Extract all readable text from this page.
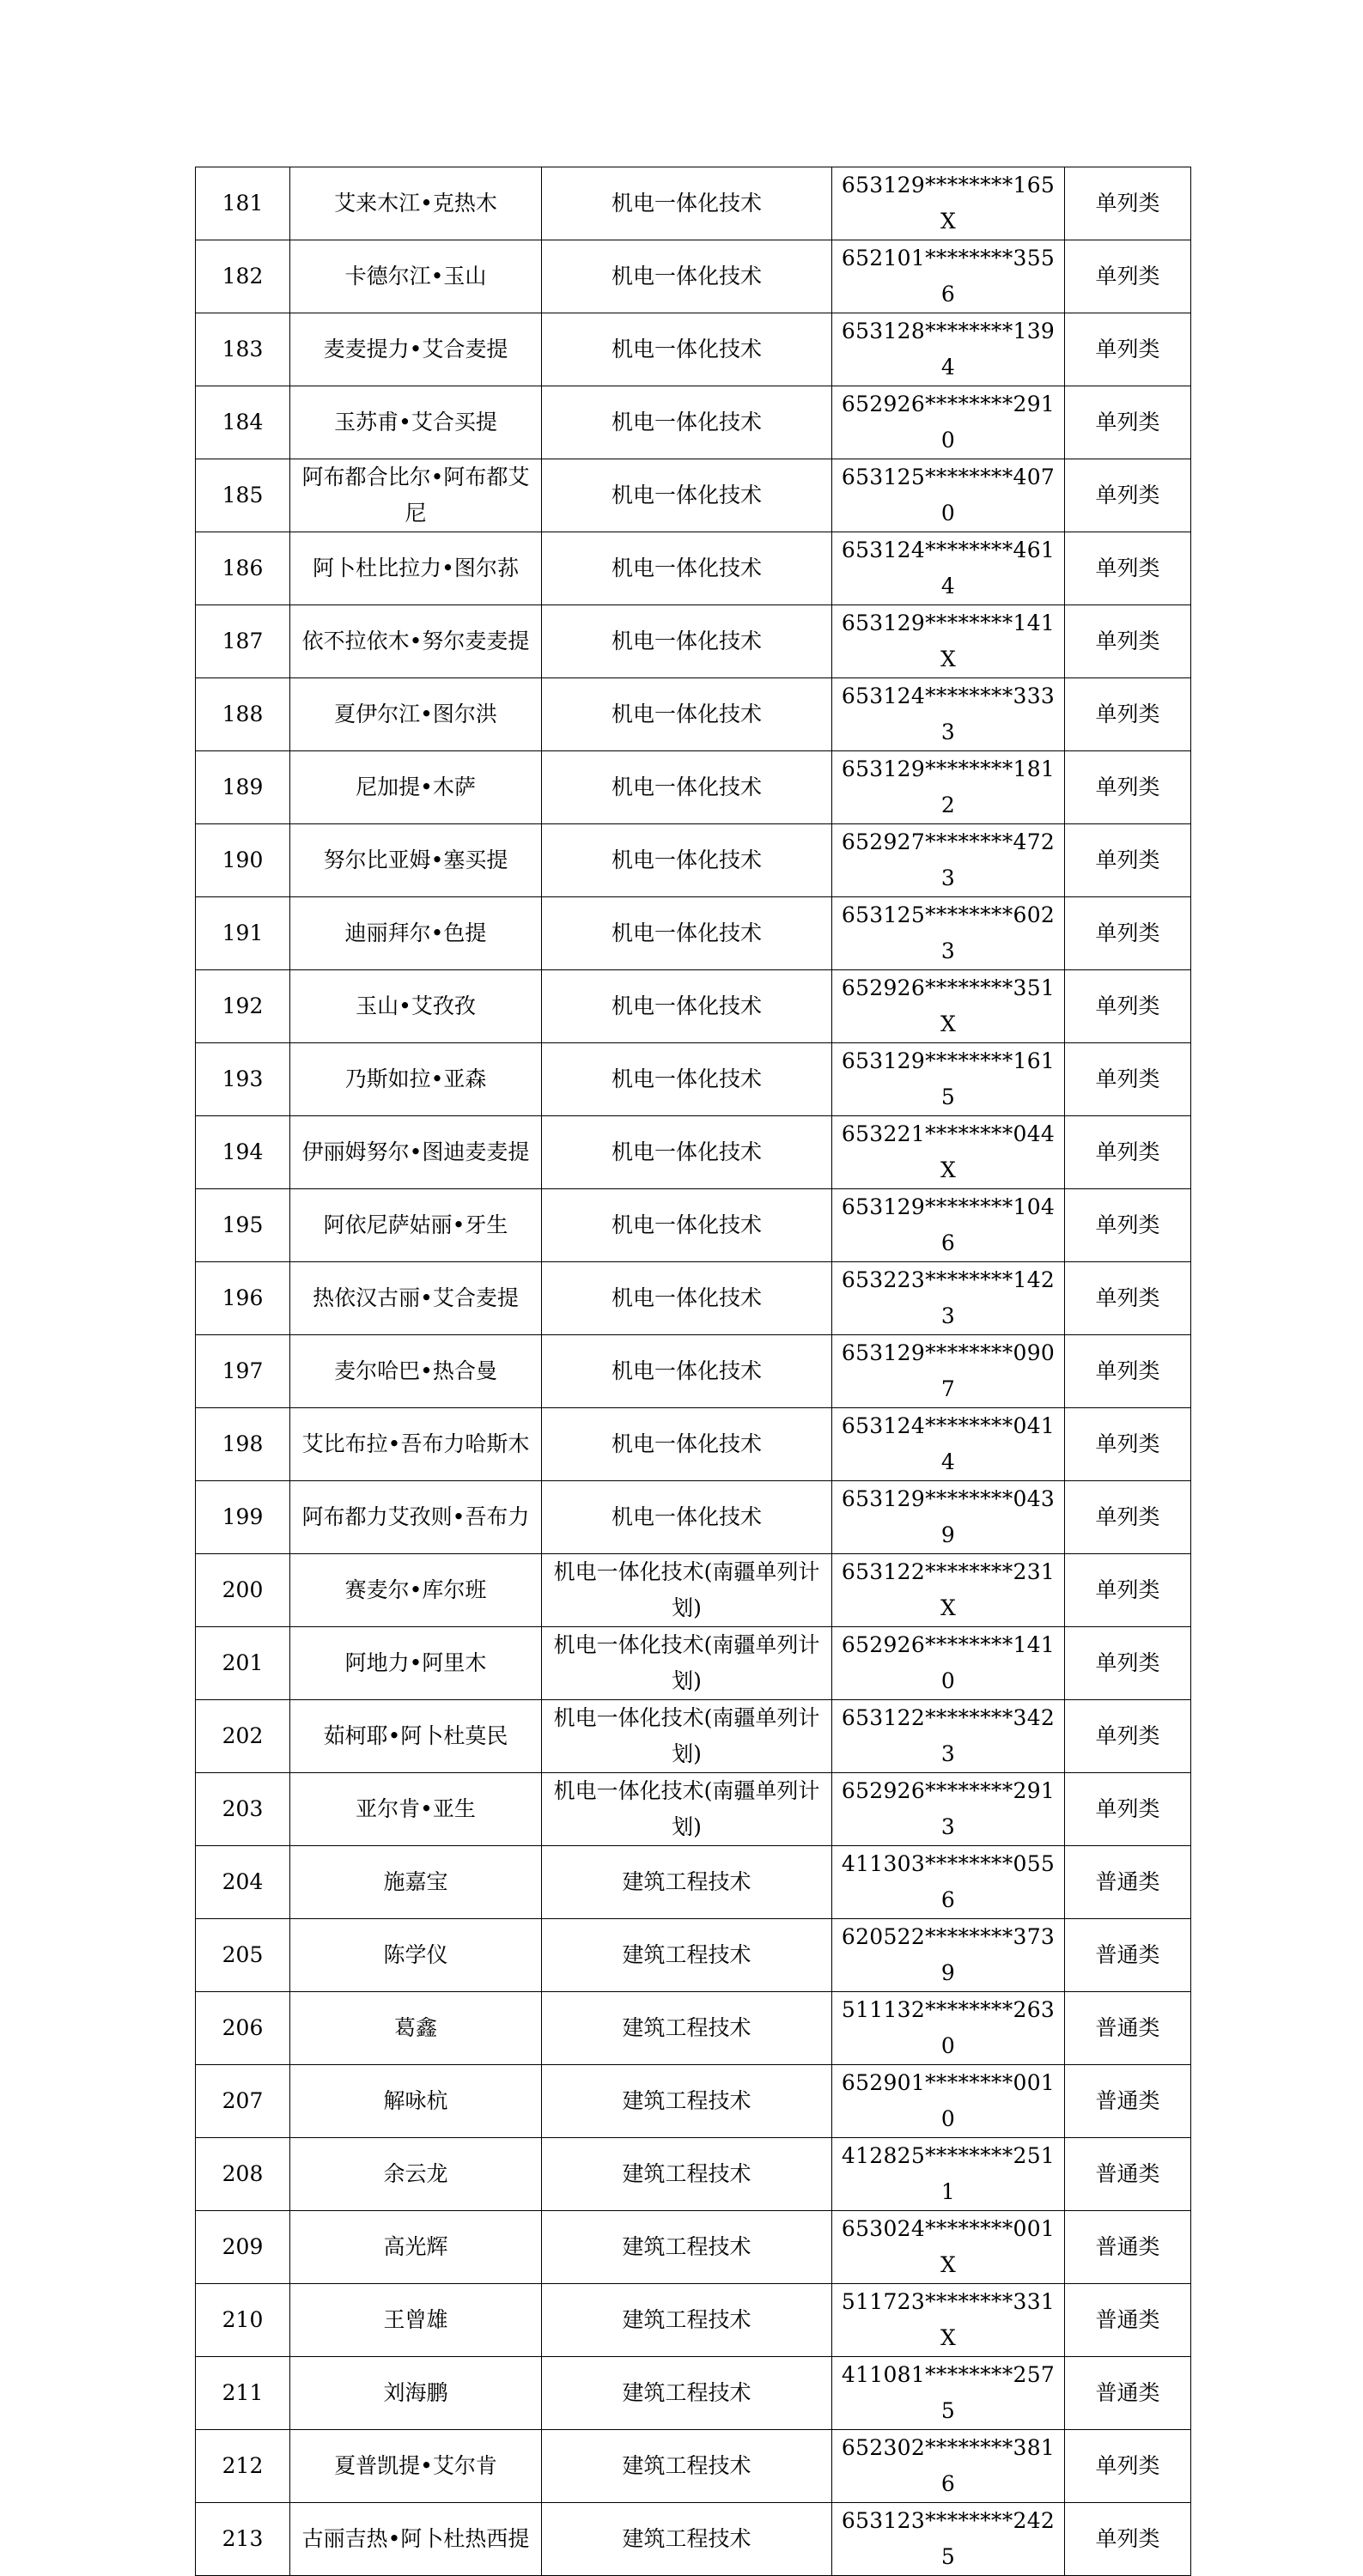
181	艾来木江•克热木	机电一体化技术	653129********165X	单列类
182	卡德尔江•玉山	机电一体化技术	652101********3556	单列类
183	麦麦提力•艾合麦提	机电一体化技术	653128********1394	单列类
184	玉苏甫•艾合买提	机电一体化技术	652926********2910	单列类
185	阿布都合比尔•阿布都艾尼	机电一体化技术	653125********4070	单列类
186	阿卜杜比拉力•图尔荪	机电一体化技术	653124********4614	单列类
187	依不拉依木•努尔麦麦提	机电一体化技术	653129********141X	单列类
188	夏伊尔江•图尔洪	机电一体化技术	653124********3333	单列类
189	尼加提•木萨	机电一体化技术	653129********1812	单列类
190	努尔比亚姆•塞买提	机电一体化技术	652927********4723	单列类
191	迪丽拜尔•色提	机电一体化技术	653125********6023	单列类
192	玉山•艾孜孜	机电一体化技术	652926********351X	单列类
193	乃斯如拉•亚森	机电一体化技术	653129********1615	单列类
194	伊丽姆努尔•图迪麦麦提	机电一体化技术	653221********044X	单列类
195	阿依尼萨姑丽•牙生	机电一体化技术	653129********1046	单列类
196	热依汉古丽•艾合麦提	机电一体化技术	653223********1423	单列类
197	麦尔哈巴•热合曼	机电一体化技术	653129********0907	单列类
198	艾比布拉•吾布力哈斯木	机电一体化技术	653124********0414	单列类
199	阿布都力艾孜则•吾布力	机电一体化技术	653129********0439	单列类
200	赛麦尔•库尔班	机电一体化技术(南疆单列计划)	653122********231X	单列类
201	阿地力•阿里木	机电一体化技术(南疆单列计划)	652926********1410	单列类
202	茹柯耶•阿卜杜莫民	机电一体化技术(南疆单列计划)	653122********3423	单列类
203	亚尔肯•亚生	机电一体化技术(南疆单列计划)	652926********2913	单列类
204	施嘉宝	建筑工程技术	411303********0556	普通类
205	陈学仪	建筑工程技术	620522********3739	普通类
206	葛鑫	建筑工程技术	511132********2630	普通类
207	解咏杭	建筑工程技术	652901********0010	普通类
208	余云龙	建筑工程技术	412825********2511	普通类
209	高光辉	建筑工程技术	653024********001X	普通类
210	王曾雄	建筑工程技术	511723********331X	普通类
211	刘海鹏	建筑工程技术	411081********2575	普通类
212	夏普凯提•艾尔肯	建筑工程技术	652302********3816	单列类
213	古丽吉热•阿卜杜热西提	建筑工程技术	653123********2425	单列类
